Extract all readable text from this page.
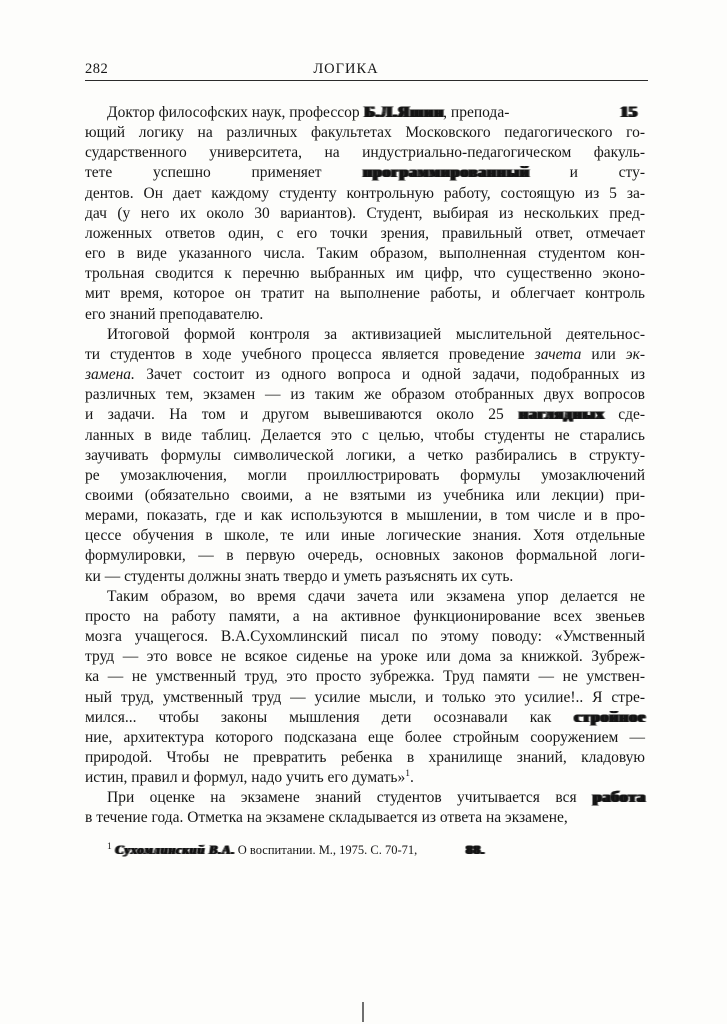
282	ЛОГИКА
Доктор философских наук, профессор Б.Л.Яшин, препода-	15
ющий логику на различных факультетах Московского педагогического го-
сударственного университета, на индустриально-педагогическом факуль-
тете успешно применяет программированный и сту-
дентов. Он дает каждому студенту контрольную работу, состоящую из 5 за-
дач (у него их около 30 вариантов). Студент, выбирая из нескольких пред-
ложенных ответов один, с его точки зрения, правильный ответ, отмечает
его в виде указанного числа. Таким образом, выполненная студентом кон-
трольная сводится к перечню выбранных им цифр, что существенно эконо-
мит время, которое он тратит на выполнение работы, и облегчает контроль
его знаний преподавателю.
Итоговой формой контроля за активизацией мыслительной деятельнос-
ти студентов в ходе учебного процесса является проведение зачета или эк-
замена. Зачет состоит из одного вопроса и одной задачи, подобранных из
различных тем, экзамен — из таким же образом отобранных двух вопросов
и задачи. На том и другом вывешиваются около 25 наглядных сде-
ланных в виде таблиц. Делается это с целью, чтобы студенты не старались
заучивать формулы символической логики, а четко разбирались в структу-
ре умозаключения, могли проиллюстрировать формулы умозаключений
своими (обязательно своими, а не взятыми из учебника или лекции) при-
мерами, показать, где и как используются в мышлении, в том числе и в про-
цессе обучения в школе, те или иные логические знания. Хотя отдельные
формулировки, — в первую очередь, основных законов формальной логи-
ки — студенты должны знать твердо и уметь разъяснять их суть.
Таким образом, во время сдачи зачета или экзамена упор делается не
просто на работу памяти, а на активное функционирование всех звеньев
мозга учащегося. В.А.Сухомлинский писал по этому поводу: «Умственный
труд — это вовсе не всякое сиденье на уроке или дома за книжкой. Зубреж-
ка — не умственный труд, это просто зубрежка. Труд памяти — не умствен-
ный труд, умственный труд — усилие мысли, и только это усилие!.. Я стре-
мился... чтобы законы мышления дети осознавали как стройное
ние, архитектура которого подсказана еще более стройным сооружением —
природой. Чтобы не превратить ребенка в хранилище знаний, кладовую
истин, правил и формул, надо учить его думать»$^1$.
При оценке на экзамене знаний студентов учитывается вся работа
в течение года. Отметка на экзамене складывается из ответа на экзамене,
$^1$ Сухомлинский В.А. О воспитании. М., 1975. С. 70-71,	88.
